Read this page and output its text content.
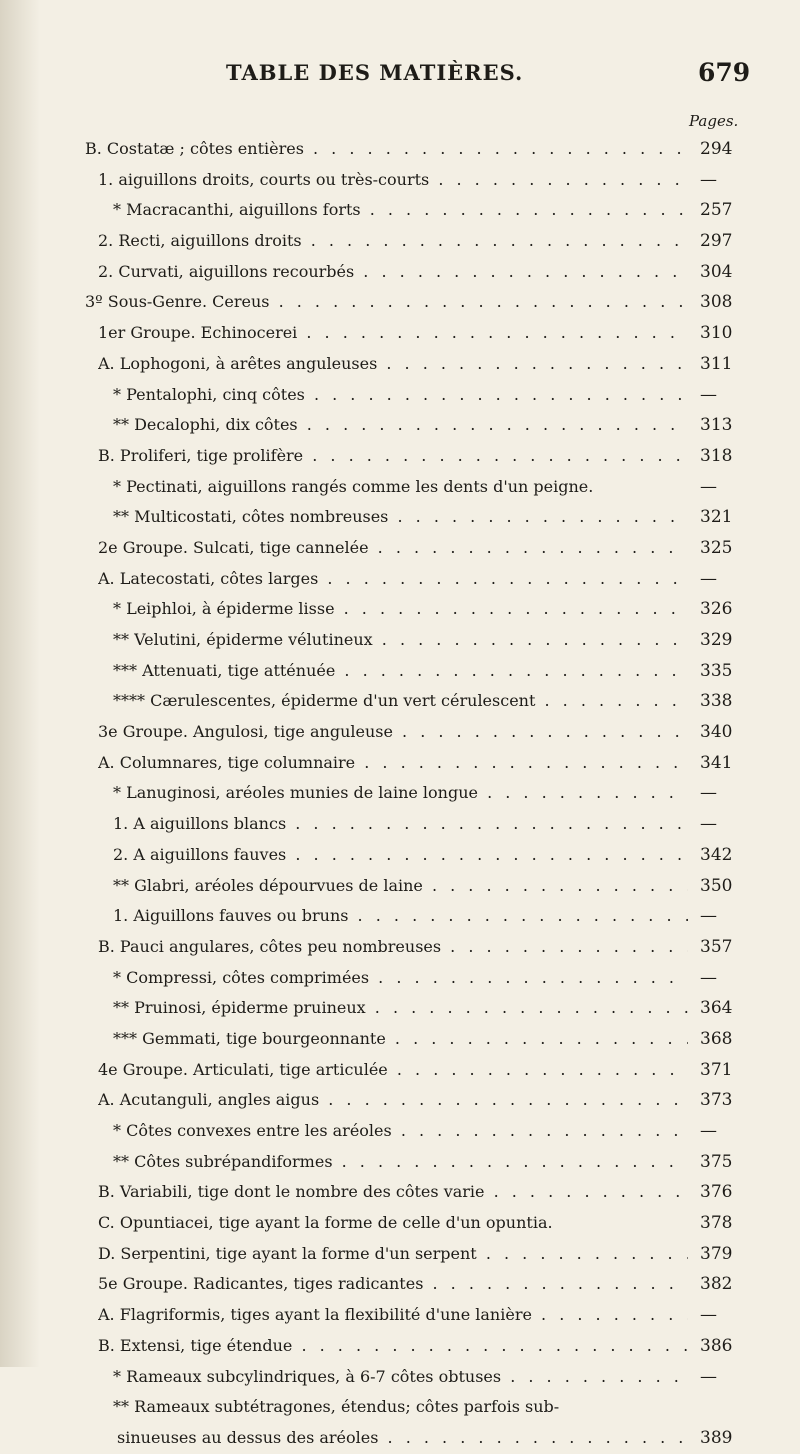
TABLE DES MATIÈRES.	679
Pages.
B. Costatæ ; côtes entières . . .	294
1. aiguillons droits, courts ou très-courts . . .	—
* Macracanthi, aiguillons forts . . .	257
2. Recti, aiguillons droits . . .	297
2. Curvati, aiguillons recourbés . . .	304
3º Sous-Genre. Cereus . . .	308
1er Groupe. Echinocerei . . .	310
A. Lophogoni, à arêtes anguleuses . . .	311
* Pentalophi, cinq côtes . . .	—
** Decalophi, dix côtes . . .	313
B. Proliferi, tige prolifère . . .	318
* Pectinati, aiguillons rangés comme les dents d'un peigne.	—
** Multicostati, côtes nombreuses . . .	321
2e Groupe. Sulcati, tige cannelée . . .	325
A. Latecostati, côtes larges . . .	—
* Leiphloi, à épiderme lisse . . .	326
** Velutini, épiderme vélutineux . . .	329
*** Attenuati, tige atténuée . . .	335
**** Cærulescentes, épiderme d'un vert cérulescent . . .	338
3e Groupe. Angulosi, tige anguleuse . . .	340
A. Columnares, tige columnaire . . .	341
* Lanuginosi, aréoles munies de laine longue . . .	—
1. A aiguillons blancs . . .	—
2. A aiguillons fauves . . .	342
** Glabri, aréoles dépourvues de laine . . .	350
1. Aiguillons fauves ou bruns . . .	—
B. Pauci angulares, côtes peu nombreuses . . .	357
* Compressi, côtes comprimées . . .	—
** Pruinosi, épiderme pruineux . . .	364
*** Gemmati, tige bourgeonnante . . .	368
4e Groupe. Articulati, tige articulée . . .	371
A. Acutanguli, angles aigus . . .	373
* Côtes convexes entre les aréoles . . .	—
** Côtes subrépandiformes . . .	375
B. Variabili, tige dont le nombre des côtes varie . . .	376
C. Opuntiacei, tige ayant la forme de celle d'un opuntia.	378
D. Serpentini, tige ayant la forme d'un serpent . . .	379
5e Groupe. Radicantes, tiges radicantes . . .	382
A. Flagriformis, tiges ayant la flexibilité d'une lanière . . .	—
B. Extensi, tige étendue . . .	386
* Rameaux subcylindriques, à 6-7 côtes obtuses . . .	—
** Rameaux subtétragones, étendus; côtes parfois sub-
sinueuses au dessus des aréoles . . .	389
